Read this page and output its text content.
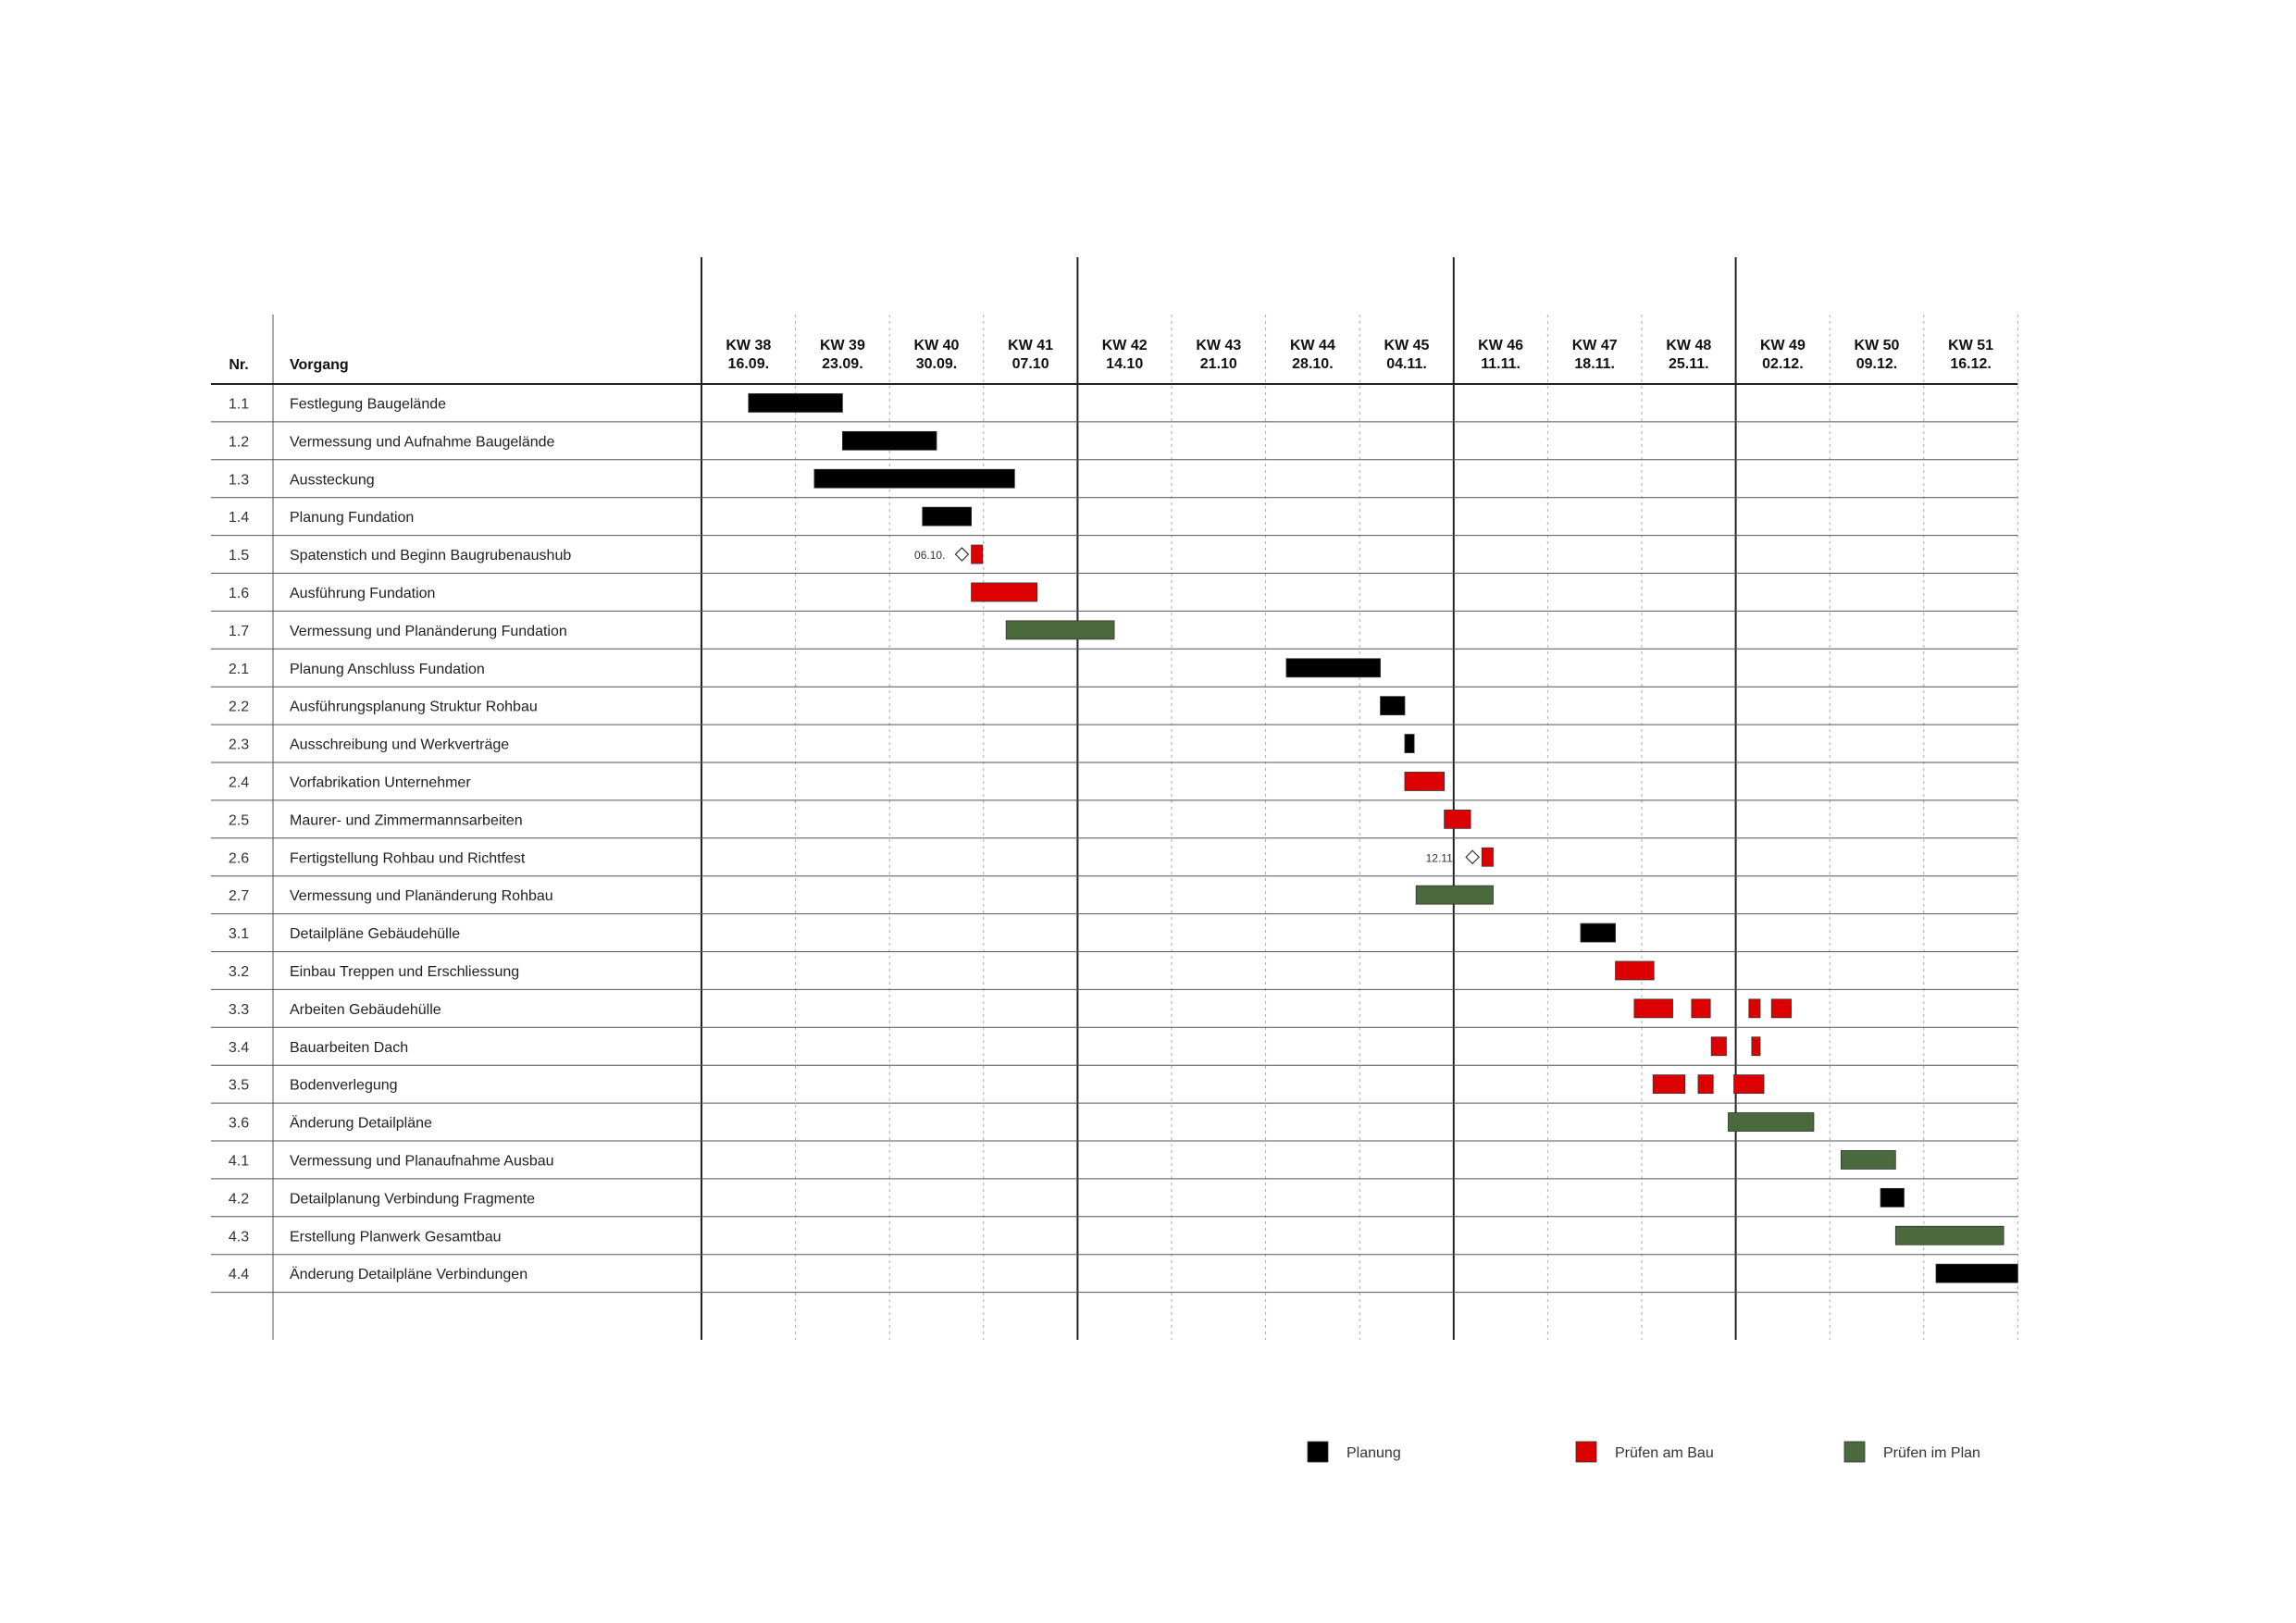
Nr.	Vorgang
KW 38
16.09.
KW 39
23.09.
KW 40
30.09.
KW 41
07.10
KW 42
14.10
KW 43
21.10
KW 44
28.10.
KW 45
04.11.
KW 46
11.11.
KW 47
18.11.
KW 48
25.11.
KW 49
02.12.
KW 50
09.12.
KW 51
16.12.
1.1	Festlegung Baugelände
1.2	Vermessung und Aufnahme Baugelände
1.3	Aussteckung
1.4	Planung Fundation
1.5	Spatenstich und Beginn Baugrubenaushub
1.6	Ausführung Fundation
1.7	Vermessung und Planänderung Fundation
2.1	Planung Anschluss Fundation
2.2	Ausführungsplanung Struktur Rohbau
2.3	Ausschreibung und Werkverträge
2.4	Vorfabrikation Unternehmer
2.5	Maurer- und Zimmermannsarbeiten
2.6	Fertigstellung Rohbau und Richtfest
2.7	Vermessung und Planänderung Rohbau
3.1	Detailpläne Gebäudehülle
3.2	Einbau Treppen und Erschliessung
3.3	Arbeiten Gebäudehülle
3.4	Bauarbeiten Dach
3.5	Bodenverlegung
3.6	Änderung Detailpläne
4.1	Vermessung und Planaufnahme Ausbau
4.2	Detailplanung Verbindung Fragmente
4.3	Erstellung Planwerk Gesamtbau
4.4	Änderung Detailpläne Verbindungen
06.10.
12.11.
Planung	Prüfen am Bau	Prüfen im Plan
